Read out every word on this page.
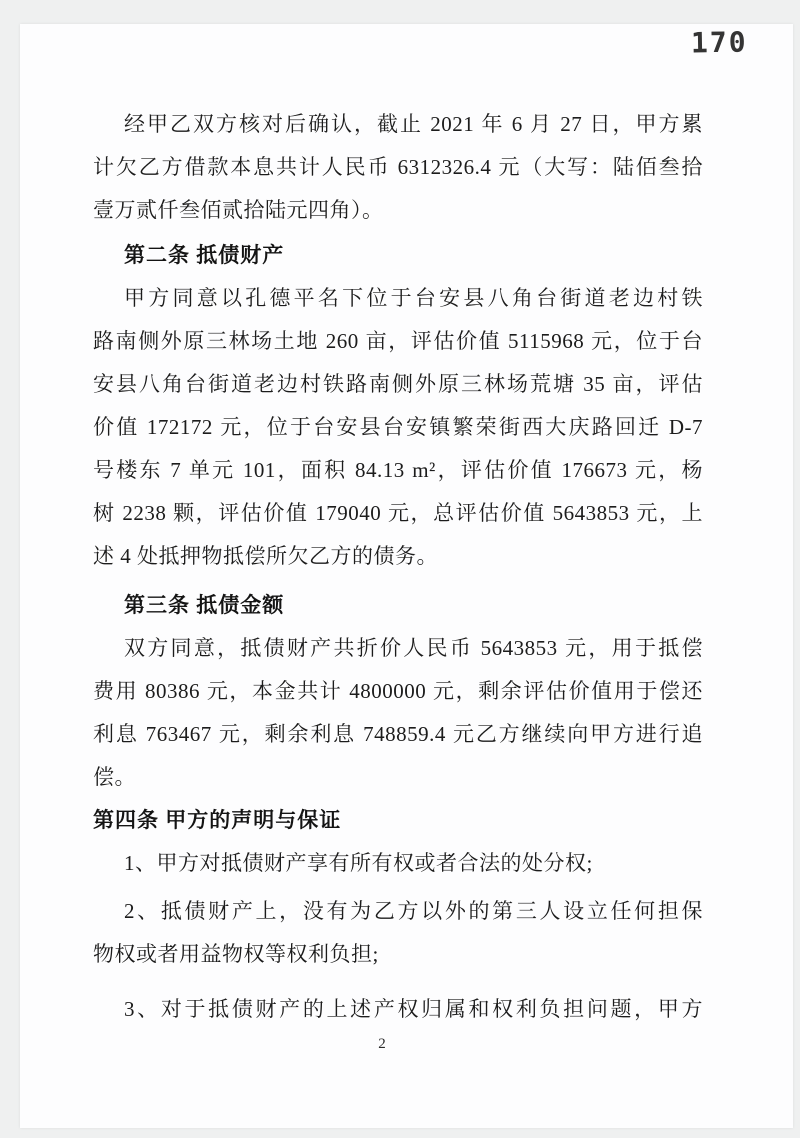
170
经甲乙双方核对后确认，截止 2021 年 6 月 27 日，甲方累
计欠乙方借款本息共计人民币 6312326.4 元（大写：陆佰叁拾
壹万贰仟叁佰贰拾陆元四角）。
第二条 抵债财产
甲方同意以孔德平名下位于台安县八角台街道老边村铁
路南侧外原三林场土地 260 亩，评估价值 5115968 元，位于台
安县八角台街道老边村铁路南侧外原三林场荒塘 35 亩，评估
价值 172172 元，位于台安县台安镇繁荣街西大庆路回迁 D-7
号楼东 7 单元 101，面积 84.13 m²，评估价值 176673 元，杨
树 2238 颗，评估价值 179040 元，总评估价值 5643853 元，上
述 4 处抵押物抵偿所欠乙方的债务。
第三条 抵债金额
双方同意，抵债财产共折价人民币 5643853 元，用于抵偿
费用 80386 元，本金共计 4800000 元，剩余评估价值用于偿还
利息 763467 元，剩余利息 748859.4 元乙方继续向甲方进行追
偿。
第四条 甲方的声明与保证
1、甲方对抵债财产享有所有权或者合法的处分权;
2、抵债财产上，没有为乙方以外的第三人设立任何担保
物权或者用益物权等权利负担;
3、对于抵债财产的上述产权归属和权利负担问题，甲方
2
